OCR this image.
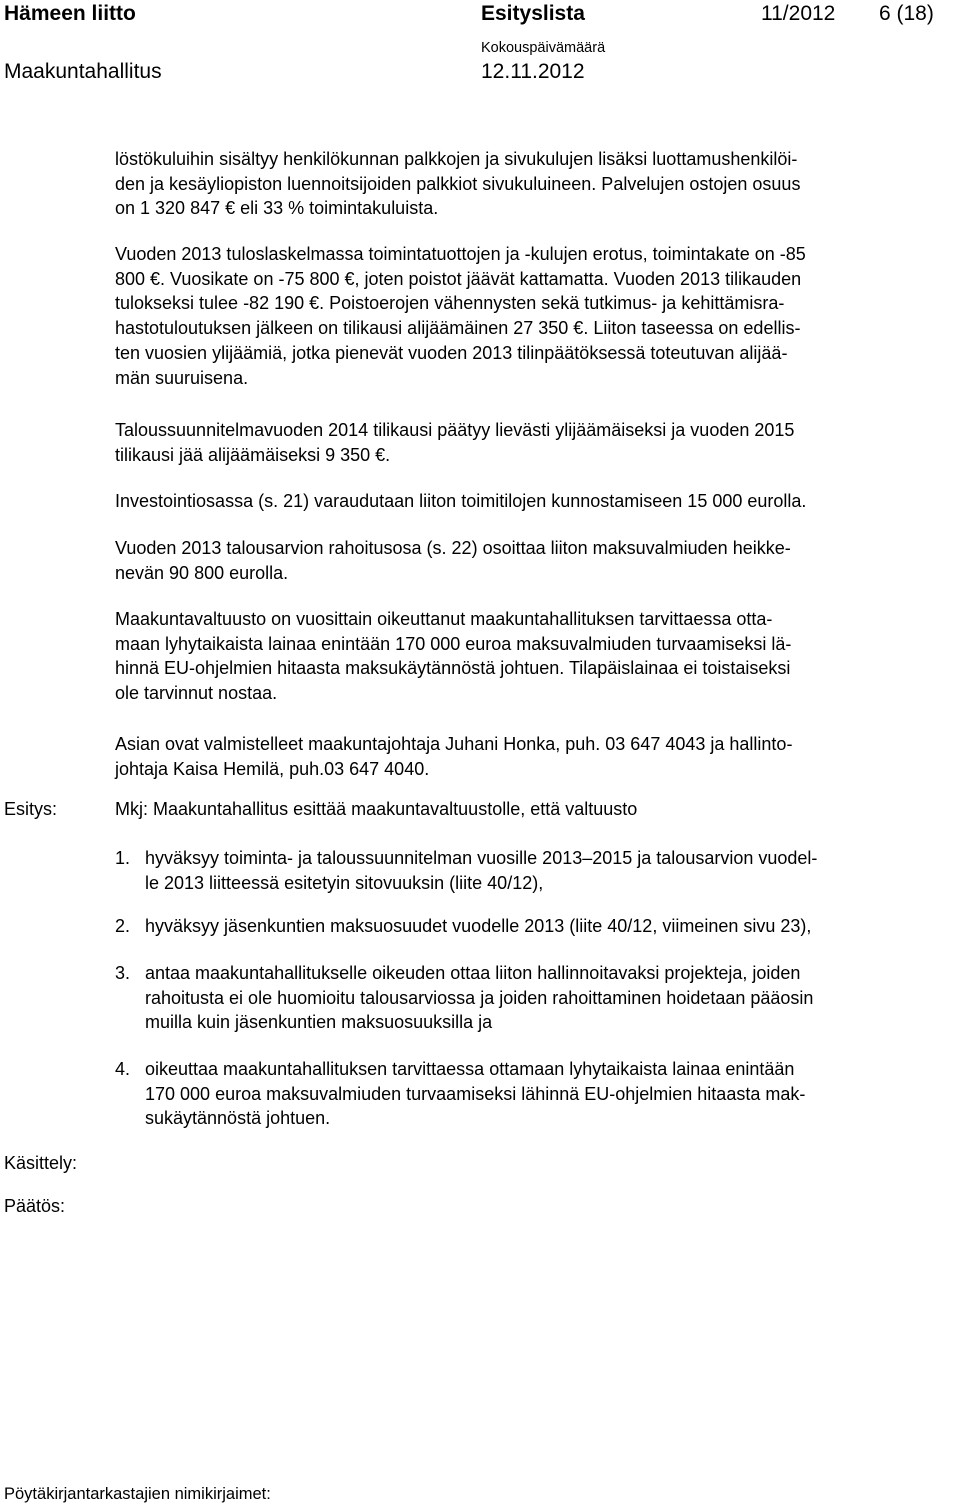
Hämeen liitto	Esityslista	11/2012 6 (18)
Kokouspäivämäärä
Maakuntahallitus	12.11.2012

löstökuluihin sisältyy henkilökunnan palkkojen ja sivukulujen lisäksi luottamushenkilöi-
den ja kesäyliopiston luennoitsijoiden palkkiot sivukuluineen. Palvelujen ostojen osuus
on 1 320 847 € eli 33 % toimintakuluista.

Vuoden 2013 tuloslaskelmassa toimintatuottojen ja -kulujen erotus, toimintakate on -85
800 €. Vuosikate on -75 800 €, joten poistot jäävät kattamatta. Vuoden 2013 tilikauden
tulokseksi tulee -82 190 €. Poistoerojen vähennysten sekä tutkimus- ja kehittämisra-
hastotuloutuksen jälkeen on tilikausi alijäämäinen 27 350 €. Liiton taseessa on edellis-
ten vuosien ylijäämiä, jotka pienevät vuoden 2013 tilinpäätöksessä toteutuvan alijää-
män suuruisena.

Taloussuunnitelmavuoden 2014 tilikausi päätyy lievästi ylijäämäiseksi ja vuoden 2015
tilikausi jää alijäämäiseksi 9 350 €.

Investointiosassa (s. 21) varaudutaan liiton toimitilojen kunnostamiseen 15 000 eurolla.

Vuoden 2013 talousarvion rahoitusosa (s. 22) osoittaa liiton maksuvalmiuden heikke-
nevän 90 800 eurolla.

Maakuntavaltuusto on vuosittain oikeuttanut maakuntahallituksen tarvittaessa otta-
maan lyhytaikaista lainaa enintään 170 000 euroa maksuvalmiuden turvaamiseksi lä-
hinnä EU-ohjelmien hitaasta maksukäytännöstä johtuen. Tilapäislainaa ei toistaiseksi
ole tarvinnut nostaa.

Asian ovat valmistelleet maakuntajohtaja Juhani Honka, puh. 03 647 4043 ja hallinto-
johtaja Kaisa Hemilä, puh.03 647 4040.

Esitys:	Mkj: Maakuntahallitus esittää maakuntavaltuustolle, että valtuusto

1. hyväksyy toiminta- ja taloussuunnitelman vuosille 2013–2015 ja talousarvion vuodel-
le 2013 liitteessä esitetyin sitovuuksin (liite 40/12),
2. hyväksyy jäsenkuntien maksuosuudet vuodelle 2013 (liite 40/12, viimeinen sivu 23),
3. antaa maakuntahallitukselle oikeuden ottaa liiton hallinnoitavaksi projekteja, joiden
rahoitusta ei ole huomioitu talousarviossa ja joiden rahoittaminen hoidetaan pääosin
muilla kuin jäsenkuntien maksuosuuksilla ja
4. oikeuttaa maakuntahallituksen tarvittaessa ottamaan lyhytaikaista lainaa enintään
170 000 euroa maksuvalmiuden turvaamiseksi lähinnä EU-ohjelmien hitaasta mak-
sukäytännöstä johtuen.
Käsittely:
Päätös:
Pöytäkirjantarkastajien nimikirjaimet:
